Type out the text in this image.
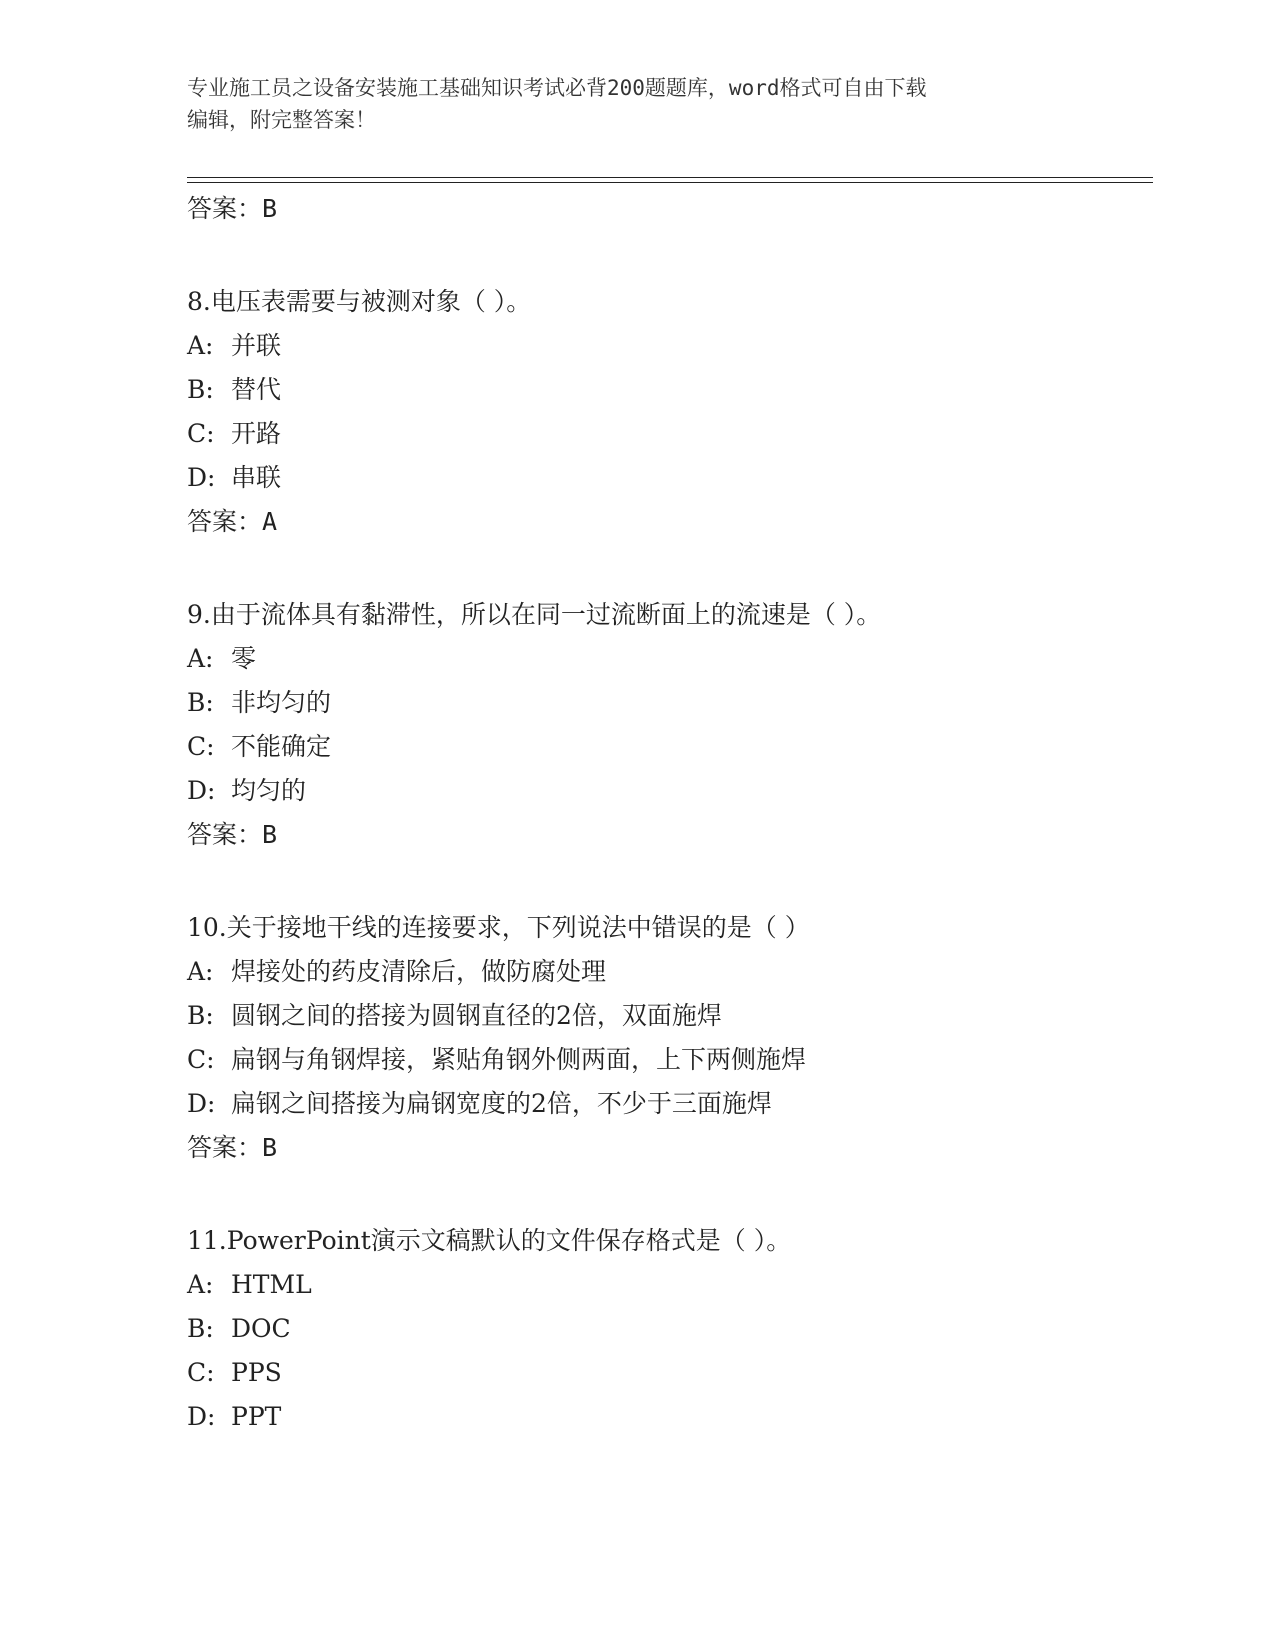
专业施工员之设备安装施工基础知识考试必背200题题库，word格式可自由下载
编辑，附完整答案！
答案：B
8.电压表需要与被测对象（ ）。
A: 并联
B: 替代
C: 开路
D: 串联
答案：A
9.由于流体具有黏滞性，所以在同一过流断面上的流速是（ ）。
A: 零
B: 非均匀的
C: 不能确定
D: 均匀的
答案：B
10.关于接地干线的连接要求，下列说法中错误的是（ ）
A: 焊接处的药皮清除后，做防腐处理
B: 圆钢之间的搭接为圆钢直径的2倍，双面施焊
C: 扁钢与角钢焊接，紧贴角钢外侧两面，上下两侧施焊
D: 扁钢之间搭接为扁钢宽度的2倍，不少于三面施焊
答案：B
11.PowerPoint演示文稿默认的文件保存格式是（ ）。
A: HTML
B: DOC
C: PPS
D: PPT
